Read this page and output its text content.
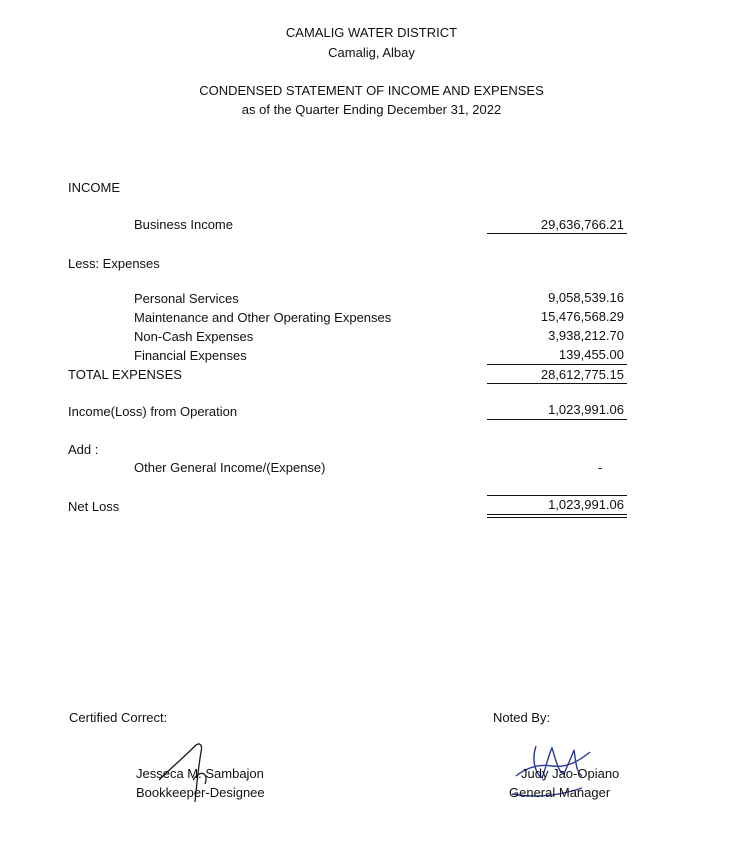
CAMALIG WATER DISTRICT
Camalig, Albay
CONDENSED STATEMENT OF INCOME AND EXPENSES
as of the Quarter Ending December 31, 2022
INCOME
Business Income	29,636,766.21
Less: Expenses
Personal Services	9,058,539.16
Maintenance and Other Operating Expenses	15,476,568.29
Non-Cash Expenses	3,938,212.70
Financial Expenses	139,455.00
TOTAL EXPENSES	28,612,775.15
Income(Loss) from Operation	1,023,991.06
Add :
Other General Income/(Expense)	-
Net Loss	1,023,991.06
Certified Correct:
Jesseca M. Sambajon
Bookkeeper-Designee
Noted By:
Judy Jao-Opiano
General Manager
